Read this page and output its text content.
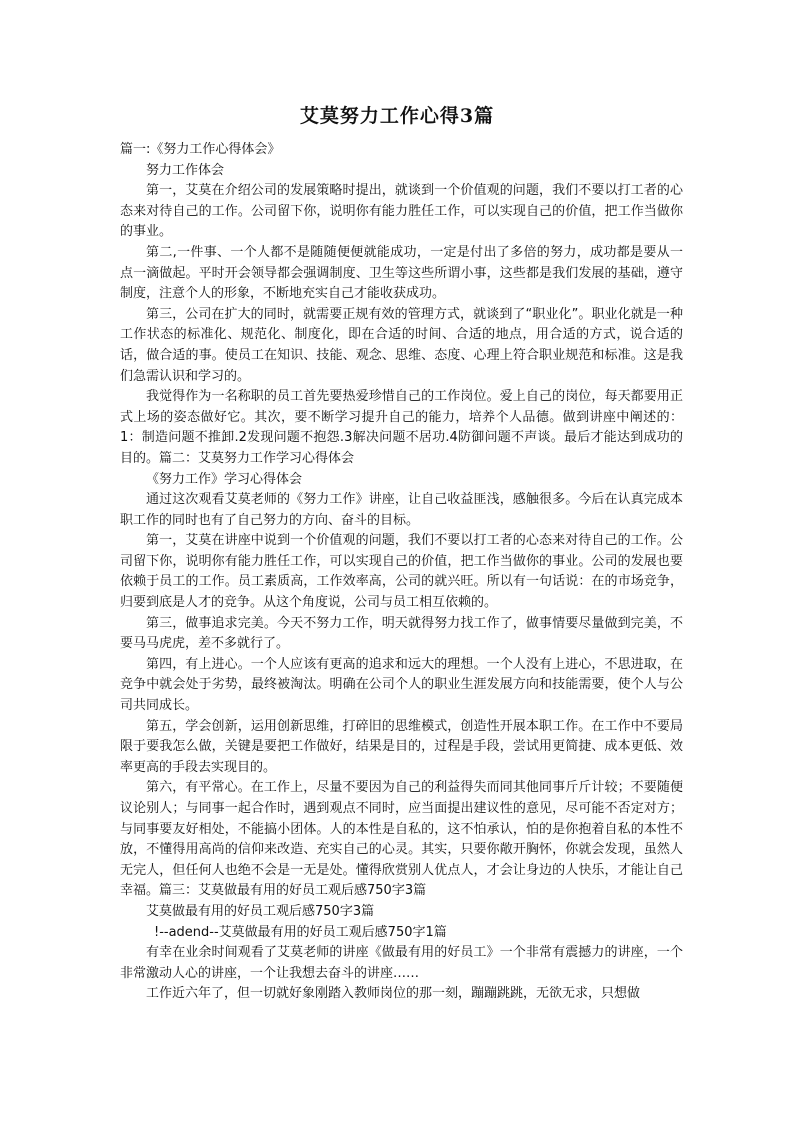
艾莫努力工作心得3篇

篇一:《努力工作心得体会》

努力工作体会

第一，艾莫在介绍公司的发展策略时提出，就谈到一个价值观的问题，我们不要以打工者的心态来对待自己的工作。公司留下你，说明你有能力胜任工作，可以实现自己的价值，把工作当做你的事业。

第二,一件事、一个人都不是随随便便就能成功，一定是付出了多倍的努力，成功都是要从一点一滴做起。平时开会领导都会强调制度、卫生等这些所谓小事，这些都是我们发展的基础，遵守制度，注意个人的形象，不断地充实自己才能收获成功。

第三，公司在扩大的同时，就需要正规有效的管理方式，就谈到了“职业化”。职业化就是一种工作状态的标准化、规范化、制度化，即在合适的时间、合适的地点，用合适的方式，说合适的话，做合适的事。使员工在知识、技能、观念、思维、态度、心理上符合职业规范和标准。这是我们急需认识和学习的。

我觉得作为一名称职的员工首先要热爱珍惜自己的工作岗位。爱上自己的岗位，每天都要用正式上场的姿态做好它。其次，要不断学习提升自己的能力，培养个人品德。做到讲座中阐述的：1：制造问题不推卸.2发现问题不抱怨.3解决问题不居功.4防御问题不声谈。最后才能达到成功的目的。篇二：艾莫努力工作学习心得体会

《努力工作》学习心得体会

通过这次观看艾莫老师的《努力工作》讲座，让自己收益匪浅，感触很多。今后在认真完成本职工作的同时也有了自己努力的方向、奋斗的目标。

第一，艾莫在讲座中说到一个价值观的问题，我们不要以打工者的心态来对待自己的工作。公司留下你，说明你有能力胜任工作，可以实现自己的价值，把工作当做你的事业。公司的发展也要依赖于员工的工作。员工素质高，工作效率高，公司的就兴旺。所以有一句话说：在的市场竞争，归要到底是人才的竞争。从这个角度说，公司与员工相互依赖的。

第三，做事追求完美。今天不努力工作，明天就得努力找工作了，做事情要尽量做到完美，不要马马虎虎，差不多就行了。

第四，有上进心。一个人应该有更高的追求和远大的理想。一个人没有上进心，不思进取，在竞争中就会处于劣势，最终被淘汰。明确在公司个人的职业生涯发展方向和技能需要，使个人与公司共同成长。

第五，学会创新，运用创新思维，打碎旧的思维模式，创造性开展本职工作。在工作中不要局限于要我怎么做，关键是要把工作做好，结果是目的，过程是手段，尝试用更简捷、成本更低、效率更高的手段去实现目的。

第六，有平常心。在工作上，尽量不要因为自己的利益得失而同其他同事斤斤计较；不要随便议论别人；与同事一起合作时，遇到观点不同时，应当面提出建议性的意见，尽可能不否定对方；与同事要友好相处，不能搞小团体。人的本性是自私的，这不怕承认，怕的是你抱着自私的本性不放，不懂得用高尚的信仰来改造、充实自己的心灵。其实，只要你敞开胸怀，你就会发现，虽然人无完人，但任何人也绝不会是一无是处。懂得欣赏别人优点人，才会让身边的人快乐，才能让自己幸福。篇三：艾莫做最有用的好员工观后感750字3篇

艾莫做最有用的好员工观后感750字3篇

!--adend--艾莫做最有用的好员工观后感750字1篇

有幸在业余时间观看了艾莫老师的讲座《做最有用的好员工》一个非常有震撼力的讲座，一个非常激动人心的讲座，一个让我想去奋斗的讲座……

工作近六年了，但一切就好象刚踏入教师岗位的那一刻，蹦蹦跳跳，无欲无求，只想做
